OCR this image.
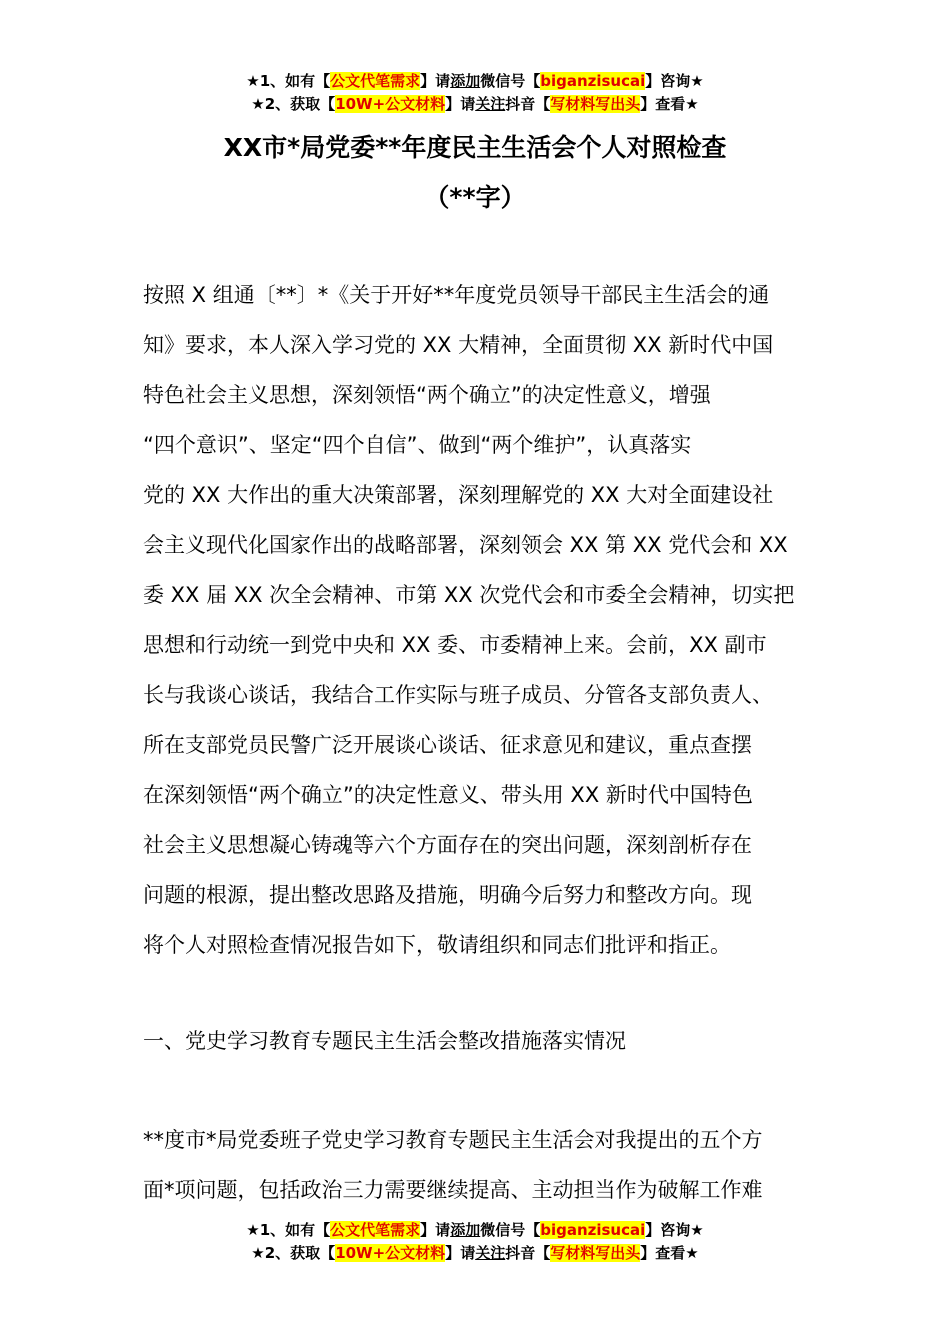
★1、如有【公文代笔需求】请添加微信号【biganzisucai】咨询★
★2、获取【10W+公文材料】请关注抖音【写材料写出头】查看★
XX市*局党委**年度民主生活会个人对照检查
（**字）
按照 X 组通〔**〕*《关于开好**年度党员领导干部民主生活会的通
知》要求，本人深入学习党的 XX 大精神，全面贯彻 XX 新时代中国
特色社会主义思想，深刻领悟“两个确立”的决定性意义，增强
“四个意识”、坚定“四个自信”、做到“两个维护”，认真落实
党的 XX 大作出的重大决策部署，深刻理解党的 XX 大对全面建设社
会主义现代化国家作出的战略部署，深刻领会 XX 第 XX 党代会和 XX
委 XX 届 XX 次全会精神、市第 XX 次党代会和市委全会精神，切实把
思想和行动统一到党中央和 XX 委、市委精神上来。会前，XX 副市
长与我谈心谈话，我结合工作实际与班子成员、分管各支部负责人、
所在支部党员民警广泛开展谈心谈话、征求意见和建议，重点查摆
在深刻领悟“两个确立”的决定性意义、带头用 XX 新时代中国特色
社会主义思想凝心铸魂等六个方面存在的突出问题，深刻剖析存在
问题的根源，提出整改思路及措施，明确今后努力和整改方向。现
将个人对照检查情况报告如下，敬请组织和同志们批评和指正。
一、党史学习教育专题民主生活会整改措施落实情况
**度市*局党委班子党史学习教育专题民主生活会对我提出的五个方
面*项问题，包括政治三力需要继续提高、主动担当作为破解工作难
★1、如有【公文代笔需求】请添加微信号【biganzisucai】咨询★
★2、获取【10W+公文材料】请关注抖音【写材料写出头】查看★
